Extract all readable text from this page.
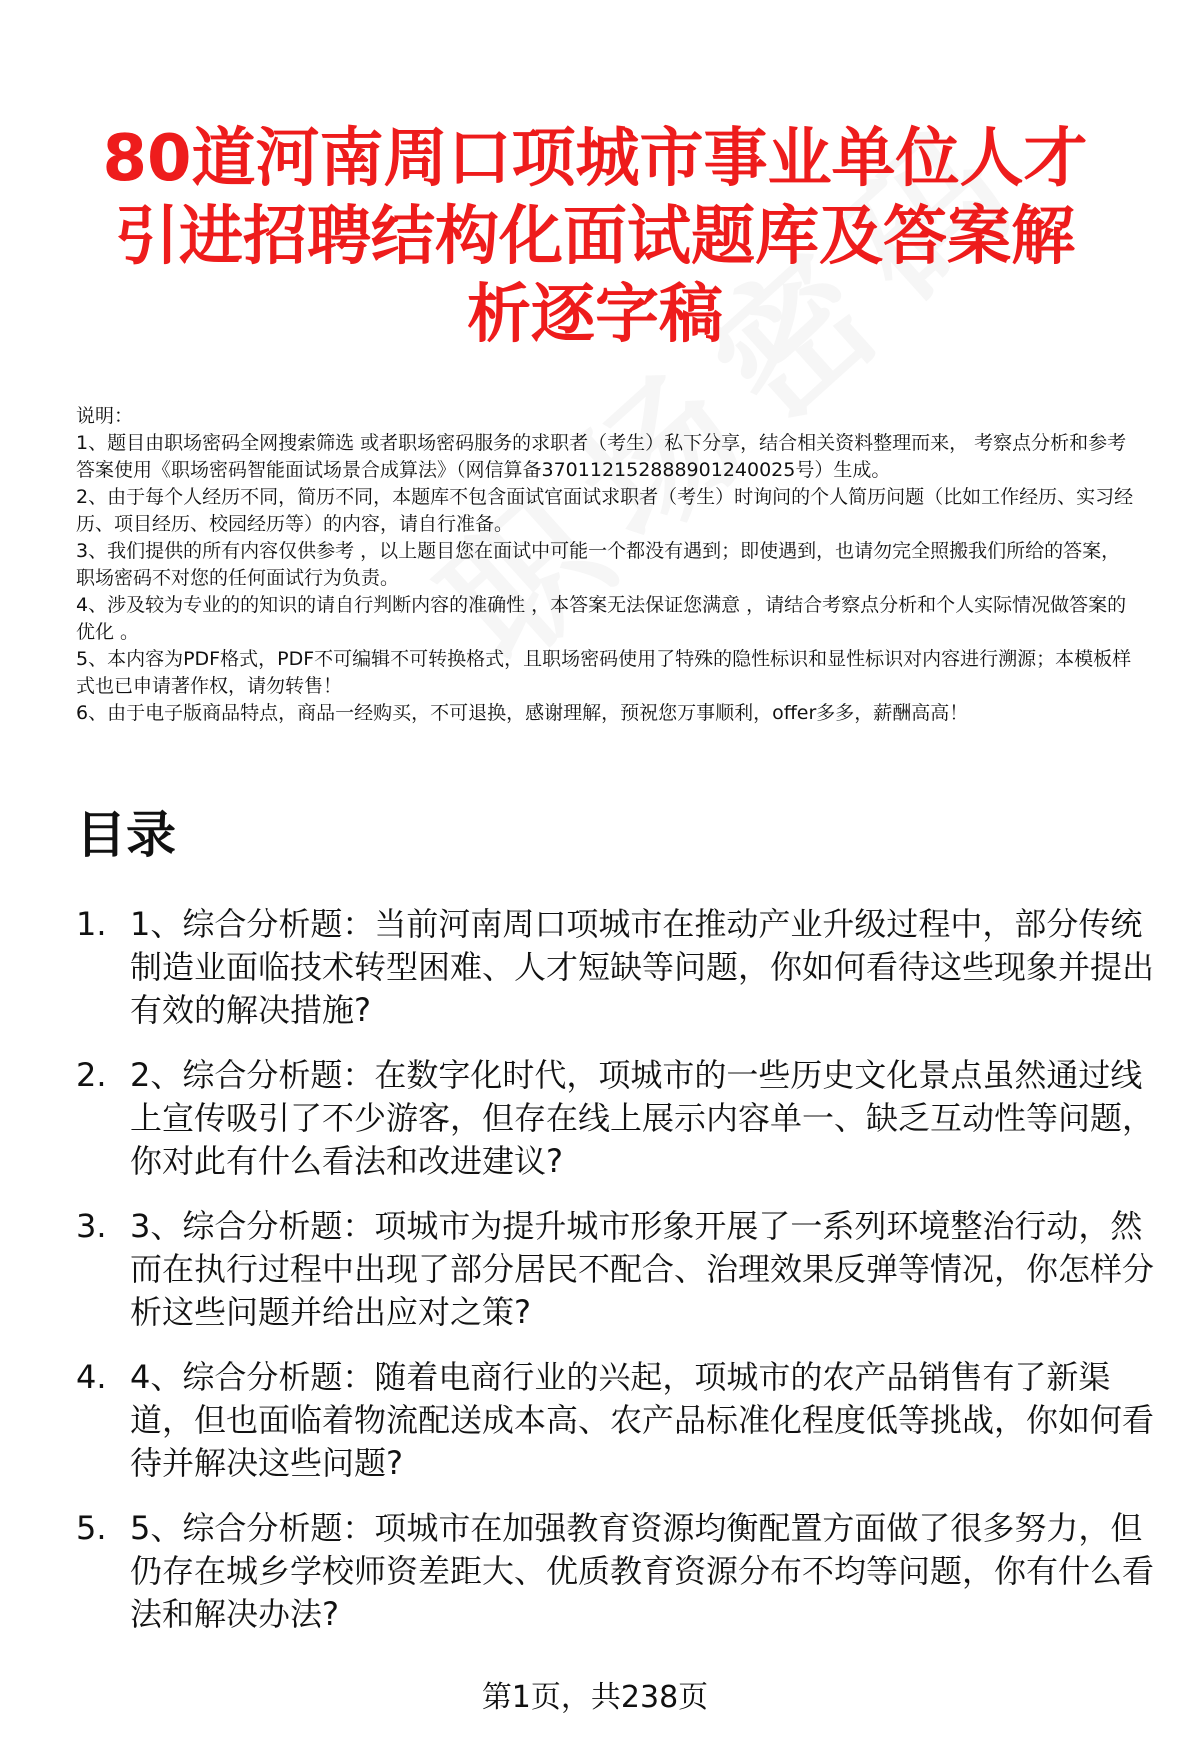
80道河南周口项城市事业单位人才引进招聘结构化面试题库及答案解析逐字稿
说明：
1、题目由职场密码全网搜索筛选 或者职场密码服务的求职者（考生）私下分享，结合相关资料整理而来， 考察点分析和参考答案使用《职场密码智能面试场景合成算法》（网信算备370112152888901240025号）生成。
2、由于每个人经历不同，简历不同，本题库不包含面试官面试求职者（考生）时询问的个人简历问题（比如工作经历、实习经历、项目经历、校园经历等）的内容，请自行准备。
3、我们提供的所有内容仅供参考 ，以上题目您在面试中可能一个都没有遇到；即使遇到，也请勿完全照搬我们所给的答案，职场密码不对您的任何面试行为负责。
4、涉及较为专业的的知识的请自行判断内容的准确性 ，本答案无法保证您满意 ，请结合考察点分析和个人实际情况做答案的优化 。
5、本内容为PDF格式，PDF不可编辑不可转换格式，且职场密码使用了特殊的隐性标识和显性标识对内容进行溯源；本模板样式也已申请著作权，请勿转售！
6、由于电子版商品特点，商品一经购买，不可退换，感谢理解，预祝您万事顺利，offer多多，薪酬高高！
目录
1. 1、综合分析题：当前河南周口项城市在推动产业升级过程中，部分传统制造业面临技术转型困难、人才短缺等问题，你如何看待这些现象并提出有效的解决措施?
2. 2、综合分析题：在数字化时代，项城市的一些历史文化景点虽然通过线上宣传吸引了不少游客，但存在线上展示内容单一、缺乏互动性等问题，你对此有什么看法和改进建议?
3. 3、综合分析题：项城市为提升城市形象开展了一系列环境整治行动，然而在执行过程中出现了部分居民不配合、治理效果反弹等情况，你怎样分析这些问题并给出应对之策?
4. 4、综合分析题：随着电商行业的兴起，项城市的农产品销售有了新渠道，但也面临着物流配送成本高、农产品标准化程度低等挑战，你如何看待并解决这些问题?
5. 5、综合分析题：项城市在加强教育资源均衡配置方面做了很多努力，但仍存在城乡学校师资差距大、优质教育资源分布不均等问题，你有什么看法和解决办法?
第1页，共238页
